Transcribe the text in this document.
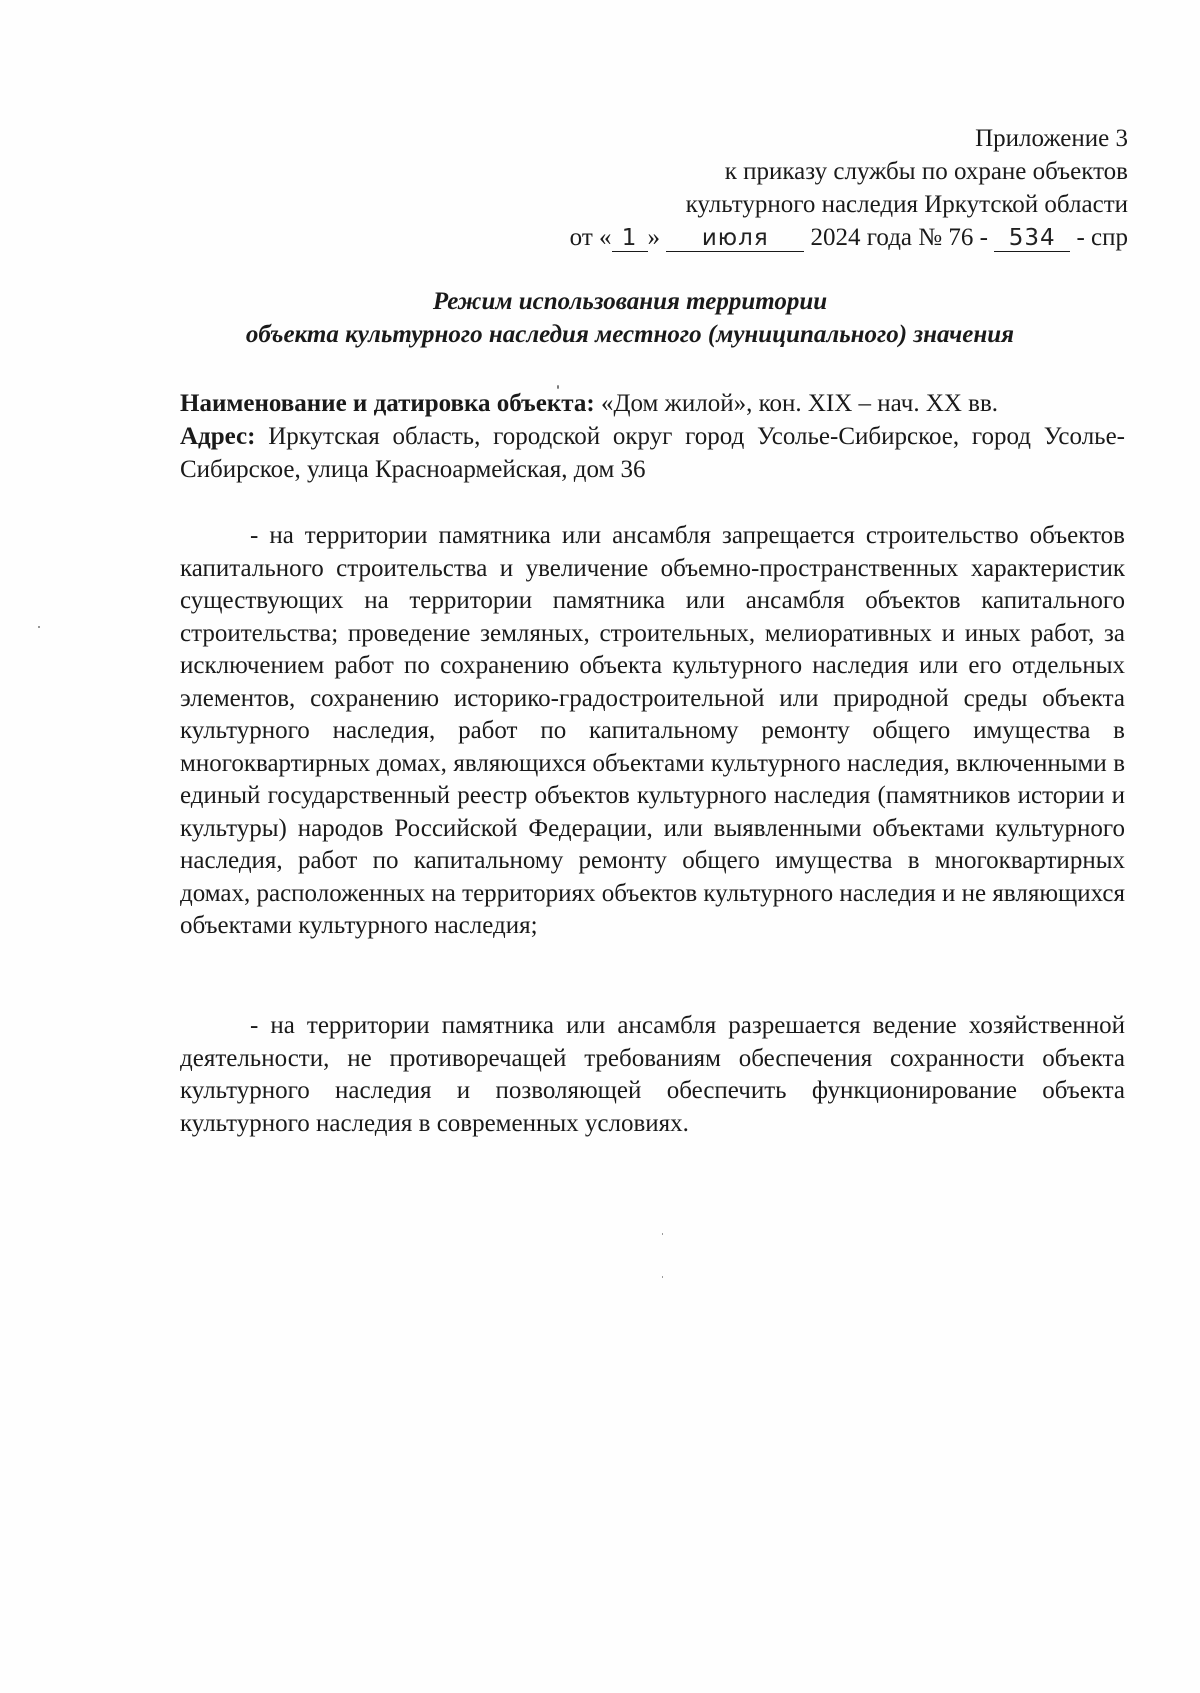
Приложение 3
к приказу службы по охране объектов
культурного наследия Иркутской области
от « 1 » июля 2024 года № 76 - 534 - спр
Режим использования территории
объекта культурного наследия местного (муниципального) значения
Наименование и датировка объекта: «Дом жилой», кон. XIX – нач. XX вв.
Адрес: Иркутская область, городской округ город Усолье-Сибирское, город Усолье-Сибирское, улица Красноармейская, дом 36

- на территории памятника или ансамбля запрещается строительство объектов капитального строительства и увеличение объемно-пространственных характеристик существующих на территории памятника или ансамбля объектов капитального строительства; проведение земляных, строительных, мелиоративных и иных работ, за исключением работ по сохранению объекта культурного наследия или его отдельных элементов, сохранению историко-градостроительной или природной среды объекта культурного наследия, работ по капитальному ремонту общего имущества в многоквартирных домах, являющихся объектами культурного наследия, включенными в единый государственный реестр объектов культурного наследия (памятников истории и культуры) народов Российской Федерации, или выявленными объектами культурного наследия, работ по капитальному ремонту общего имущества в многоквартирных домах, расположенных на территориях объектов культурного наследия и не являющихся объектами культурного наследия;

- на территории памятника или ансамбля разрешается ведение хозяйственной деятельности, не противоречащей требованиям обеспечения сохранности объекта культурного наследия и позволяющей обеспечить функционирование объекта культурного наследия в современных условиях.
